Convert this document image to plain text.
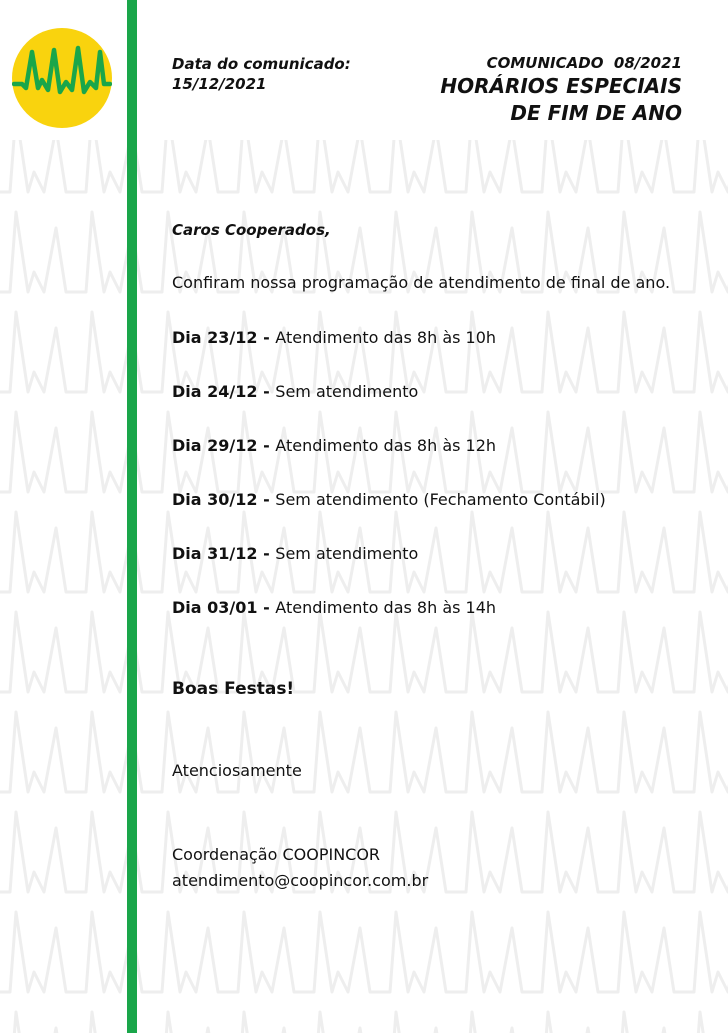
Data do comunicado:
15/12/2021
COMUNICADO  08/2021
HORÁRIOS ESPECIAIS
DE FIM DE ANO
Caros Cooperados,
Confiram nossa programação de atendimento de final de ano.
Dia 23/12 - Atendimento das 8h às 10h
Dia 24/12 - Sem atendimento
Dia 29/12 - Atendimento das 8h às 12h
Dia 30/12 - Sem atendimento (Fechamento Contábil)
Dia 31/12 - Sem atendimento
Dia 03/01 - Atendimento das 8h às 14h
Boas Festas!
Atenciosamente
Coordenação COOPINCOR
atendimento@coopincor.com.br
